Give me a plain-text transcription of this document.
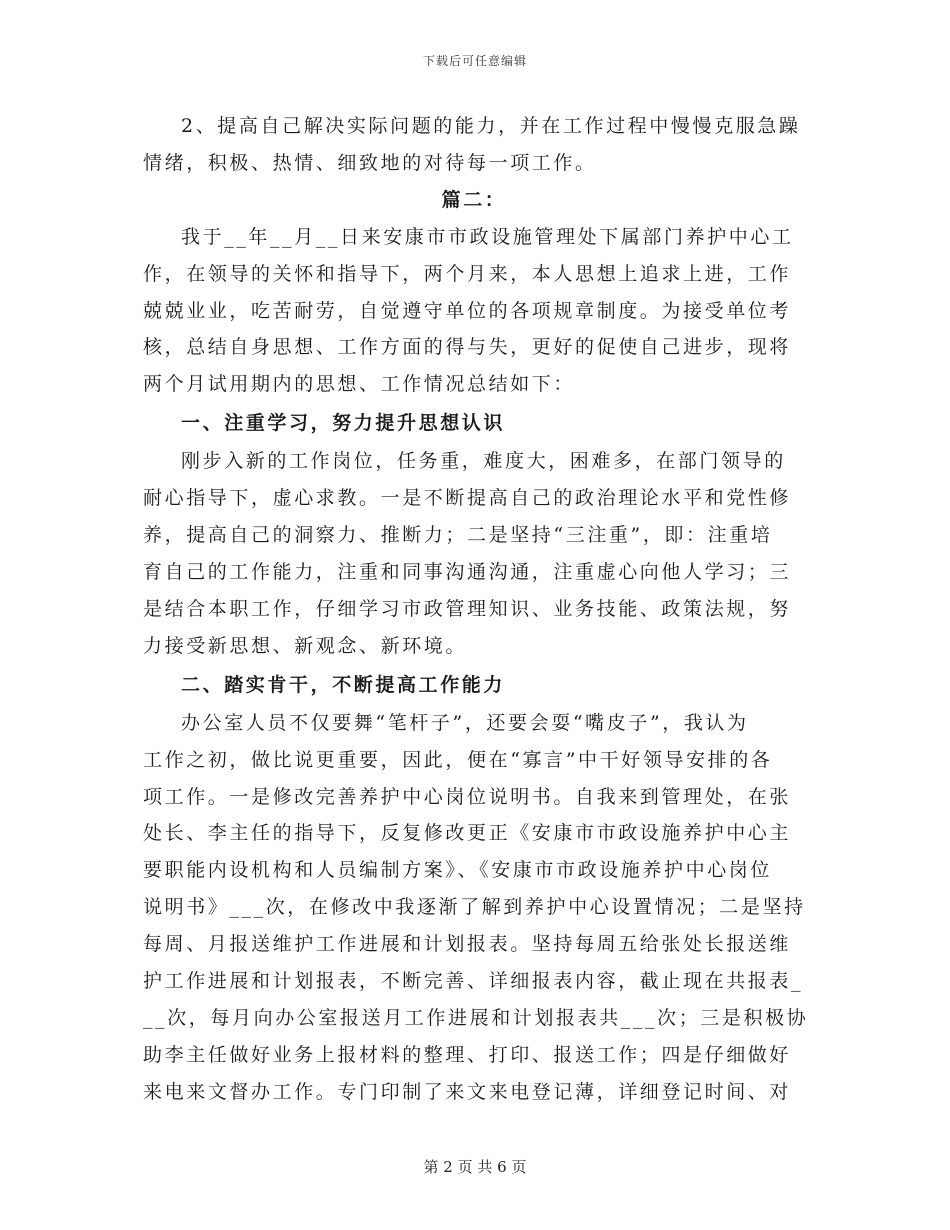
下载后可任意编辑
2、提高自己解决实际问题的能力，并在工作过程中慢慢克服急躁
情绪，积极、热情、细致地的对待每一项工作。
篇二：
我于__年__月__日来安康市市政设施管理处下属部门养护中心工
作，在领导的关怀和指导下，两个月来，本人思想上追求上进，工作
兢兢业业，吃苦耐劳，自觉遵守单位的各项规章制度。为接受单位考
核，总结自身思想、工作方面的得与失，更好的促使自己进步，现将
两个月试用期内的思想、工作情况总结如下：
一、注重学习，努力提升思想认识
刚步入新的工作岗位，任务重，难度大，困难多，在部门领导的
耐心指导下，虚心求教。一是不断提高自己的政治理论水平和党性修
养，提高自己的洞察力、推断力；二是坚持“三注重”，即：注重培
育自己的工作能力，注重和同事沟通沟通，注重虚心向他人学习；三
是结合本职工作，仔细学习市政管理知识、业务技能、政策法规，努
力接受新思想、新观念、新环境。
二、踏实肯干，不断提高工作能力
办公室人员不仅要舞“笔杆子”，还要会耍“嘴皮子”，我认为
工作之初，做比说更重要，因此，便在“寡言”中干好领导安排的各
项工作。一是修改完善养护中心岗位说明书。自我来到管理处，在张
处长、李主任的指导下，反复修改更正《安康市市政设施养护中心主
要职能内设机构和人员编制方案》、《安康市市政设施养护中心岗位
说明书》___次，在修改中我逐渐了解到养护中心设置情况；二是坚持
每周、月报送维护工作进展和计划报表。坚持每周五给张处长报送维
护工作进展和计划报表，不断完善、详细报表内容，截止现在共报表_
__次，每月向办公室报送月工作进展和计划报表共___次；三是积极协
助李主任做好业务上报材料的整理、打印、报送工作；四是仔细做好
来电来文督办工作。专门印制了来文来电登记薄，详细登记时间、对
第 2 页 共 6 页
